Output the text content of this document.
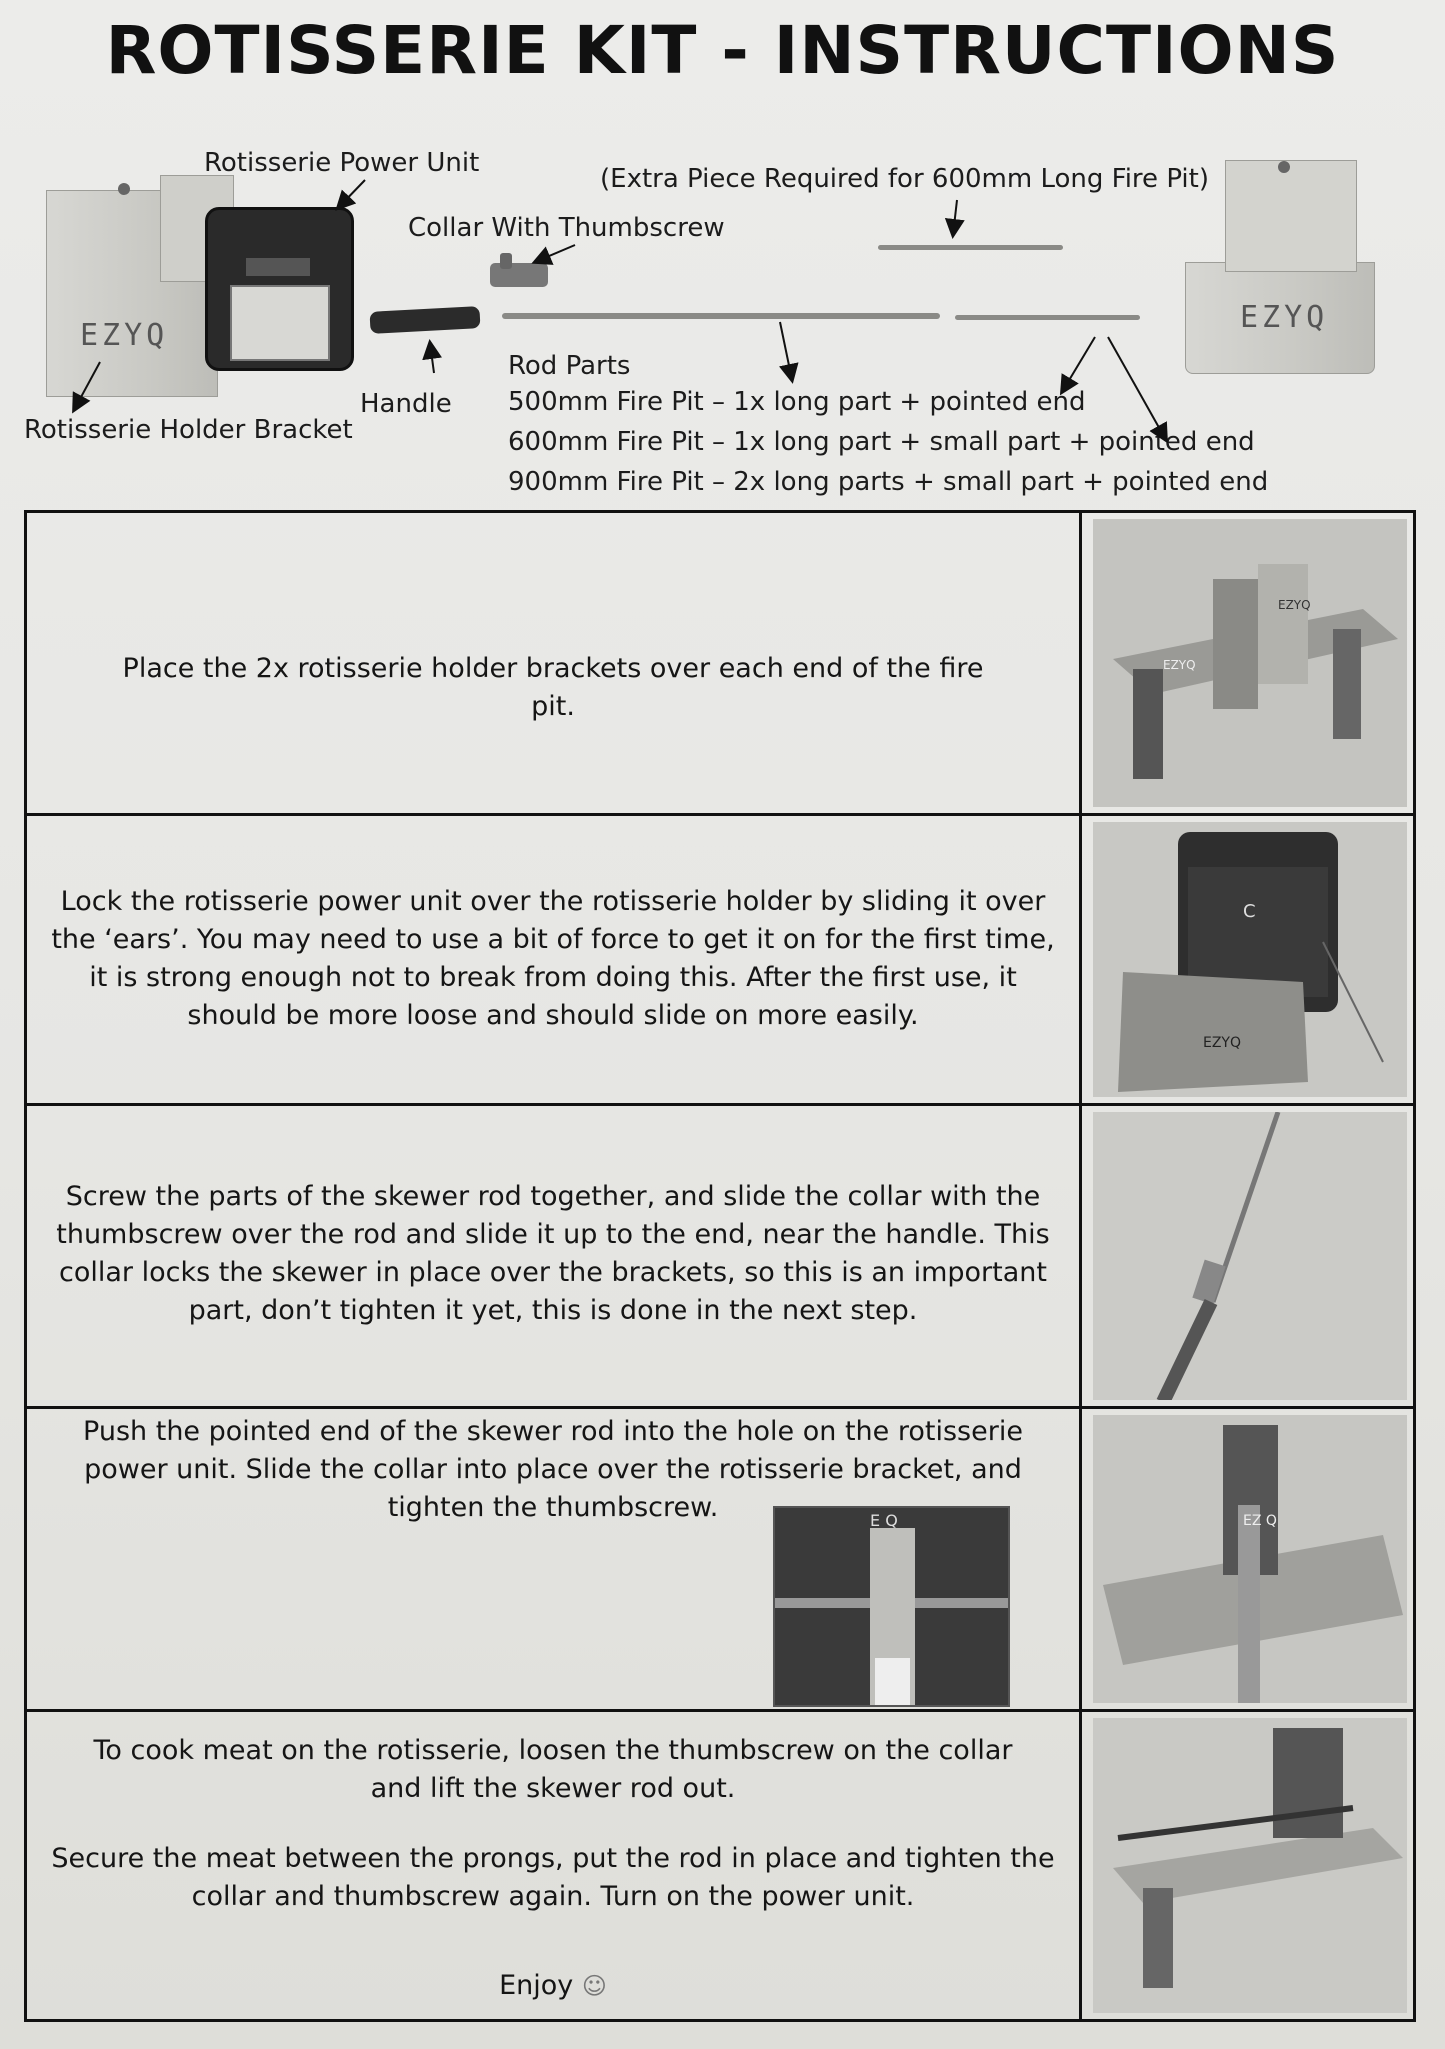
ROTISSERIE KIT - INSTRUCTIONS
EZYQ
EZYQ
Rotisserie Power Unit
(Extra Piece Required for 600mm Long Fire Pit)
Collar With Thumbscrew
Handle
Rotisserie Holder Bracket
Rod Parts
500mm Fire Pit – 1x long part + pointed end
600mm Fire Pit – 1x long part + small part + pointed end
900mm Fire Pit – 2x long parts + small part + pointed end
Place the 2x rotisserie holder brackets over each end of the fire pit.
EZYQ
EZYQ
Lock the rotisserie power unit over the rotisserie holder by sliding it over the ‘ears’. You may need to use a bit of force to get it on for the first time, it is strong enough not to break from doing this. After the first use, it should be more loose and should slide on more easily.
C
EZYQ
Screw the parts of the skewer rod together, and slide the collar with the thumbscrew over the rod and slide it up to the end, near the handle. This collar locks the skewer in place over the brackets, so this is an important part, don’t tighten it yet, this is done in the next step.
Push the pointed end of the skewer rod into the hole on the rotisserie power unit. Slide the collar into place over the rotisserie bracket, and tighten the thumbscrew.	E Q	EZ Q
To cook meat on the rotisserie, loosen the thumbscrew on the collar and lift the skewer rod out.
Secure the meat between the prongs, put the rod in place and tighten the collar and thumbscrew again. Turn on the power unit.
Enjoy ☺
